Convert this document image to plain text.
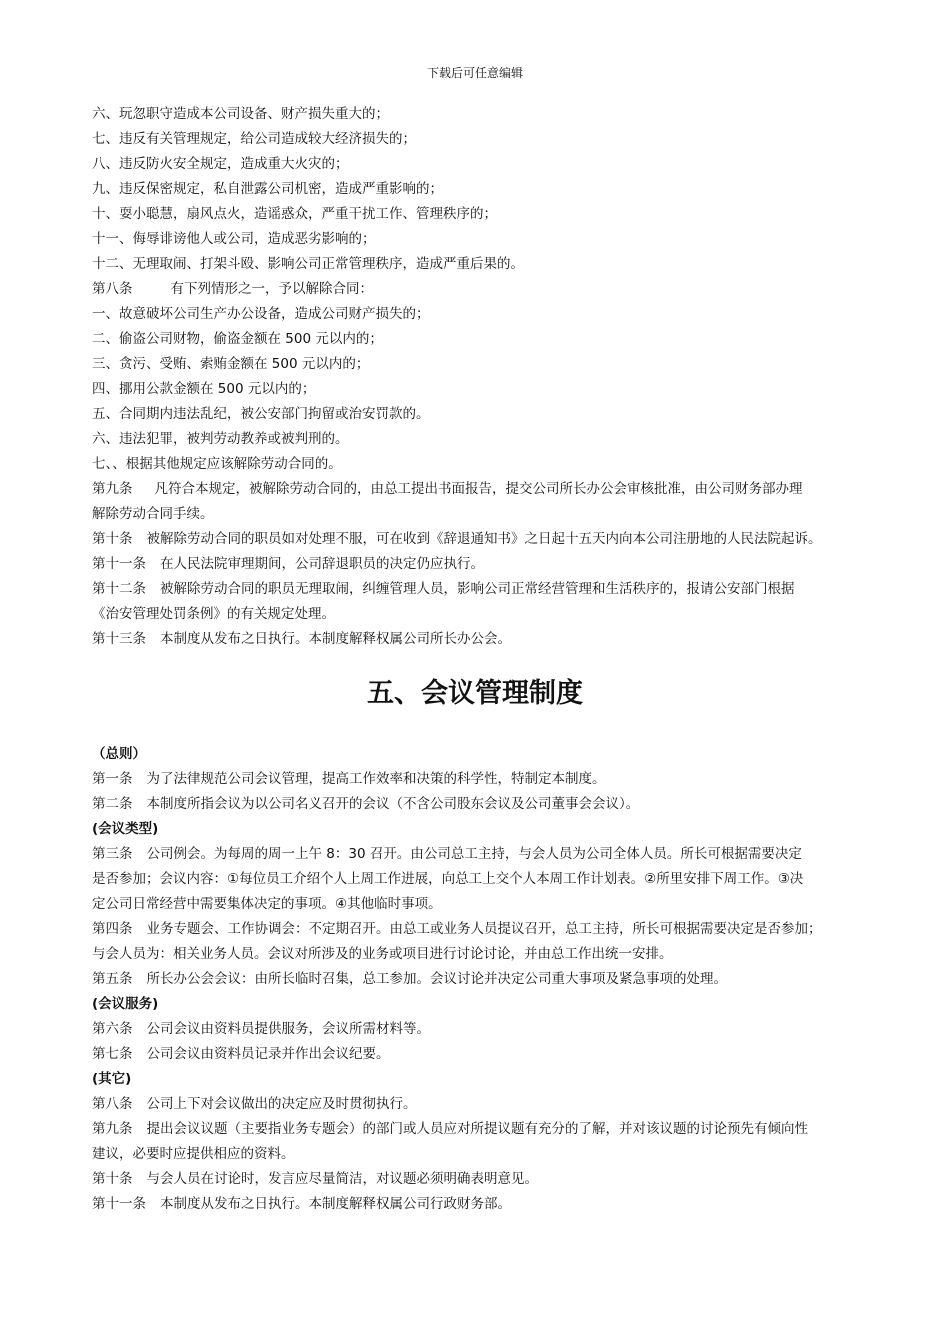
下载后可任意编辑
六、玩忽职守造成本公司设备、财产损失重大的；
七、违反有关管理规定，给公司造成较大经济损失的；
八、违反防火安全规定，造成重大火灾的；
九、违反保密规定，私自泄露公司机密，造成严重影响的；
十、耍小聪慧，扇风点火，造谣惑众，严重干扰工作、管理秩序的；
十一、侮辱诽谤他人或公司，造成恶劣影响的；
十二、无理取闹、打架斗殴、影响公司正常管理秩序，造成严重后果的。
第八条	有下列情形之一，予以解除合同：
一、故意破坏公司生产办公设备，造成公司财产损失的；
二、偷盗公司财物，偷盗金额在 500 元以内的；
三、贪污、受贿、索贿金额在 500 元以内的；
四、挪用公款金额在 500 元以内的；
五、合同期内违法乱纪，被公安部门拘留或治安罚款的。
六、违法犯罪，被判劳动教养或被判刑的。
七、、根据其他规定应该解除劳动合同的。
第九条 凡符合本规定，被解除劳动合同的，由总工提出书面报告，提交公司所长办公会审核批准，由公司财务部办理
解除劳动合同手续。
第十条 被解除劳动合同的职员如对处理不服，可在收到《辞退通知书》之日起十五天内向本公司注册地的人民法院起诉。
第十一条 在人民法院审理期间，公司辞退职员的决定仍应执行。
第十二条 被解除劳动合同的职员无理取闹，纠缠管理人员，影响公司正常经营管理和生活秩序的，报请公安部门根据
《治安管理处罚条例》的有关规定处理。
第十三条 本制度从发布之日执行。本制度解释权属公司所长办公会。
五、会议管理制度
（总则）
第一条 为了法律规范公司会议管理，提高工作效率和决策的科学性，特制定本制度。
第二条 本制度所指会议为以公司名义召开的会议（不含公司股东会议及公司董事会会议）。
(会议类型)
第三条 公司例会。为每周的周一上午 8：30 召开。由公司总工主持，与会人员为公司全体人员。所长可根据需要决定
是否参加；会议内容：①每位员工介绍个人上周工作进展，向总工上交个人本周工作计划表。②所里安排下周工作。③决
定公司日常经营中需要集体决定的事项。④其他临时事项。
第四条 业务专题会、工作协调会：不定期召开。由总工或业务人员提议召开，总工主持，所长可根据需要决定是否参加；
与会人员为：相关业务人员。会议对所涉及的业务或项目进行讨论讨论，并由总工作出统一安排。
第五条 所长办公会会议：由所长临时召集，总工参加。会议讨论并决定公司重大事项及紧急事项的处理。
(会议服务)
第六条 公司会议由资料员提供服务，会议所需材料等。
第七条 公司会议由资料员记录并作出会议纪要。
(其它)
第八条 公司上下对会议做出的决定应及时贯彻执行。
第九条 提出会议议题（主要指业务专题会）的部门或人员应对所提议题有充分的了解，并对该议题的讨论预先有倾向性
建议，必要时应提供相应的资料。
第十条 与会人员在讨论时，发言应尽量简洁，对议题必须明确表明意见。
第十一条 本制度从发布之日执行。本制度解释权属公司行政财务部。
